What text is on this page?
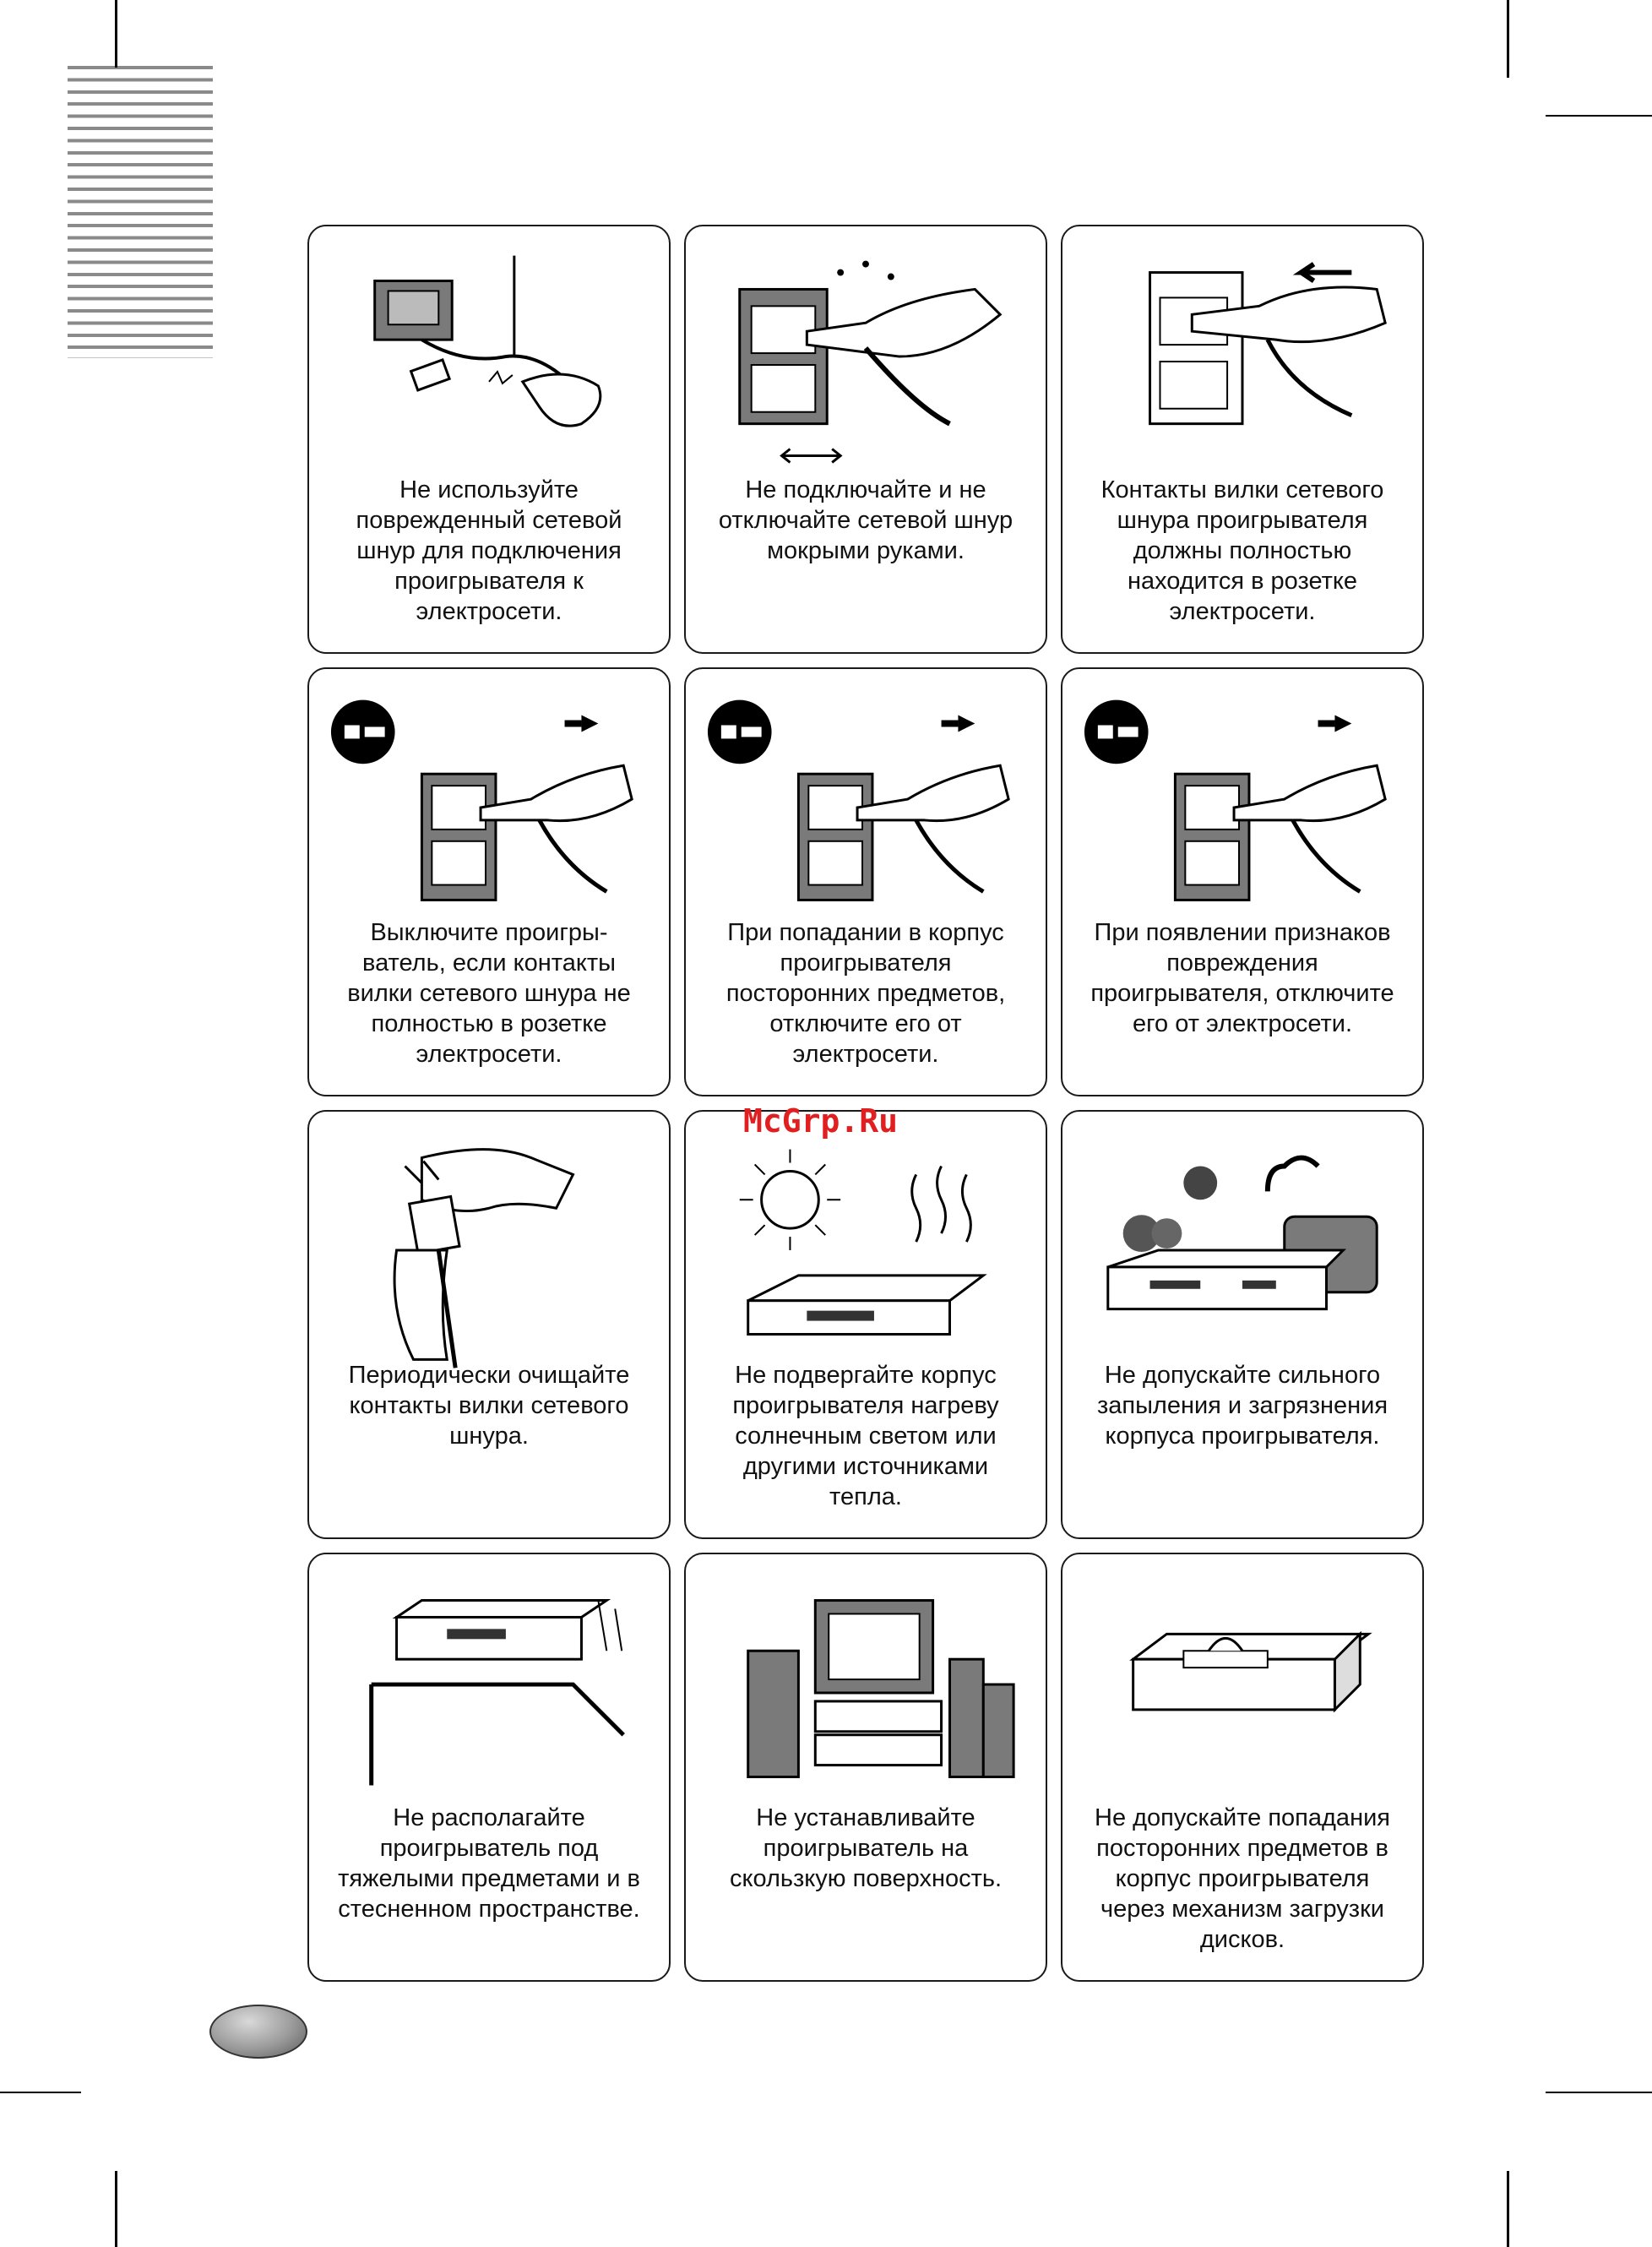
Не используйте
поврежденный сетевой
шнур для подключения
проигрывателя к
электросети.
Не подключайте и не
отключайте сетевой шнур
мокрыми руками.
Контакты вилки сетевого
шнура проигрывателя
должны полностью
находится в розетке
электросети.
Выключите проигры-
ватель, если контакты
вилки сетевого шнура не
полностью в розетке
электросети.
При попадании в корпус
проигрывателя
посторонних предметов,
отключите его от
электросети.
При появлении признаков
повреждения
проигрывателя, отключите
его от электросети.
Периодически очищайте
контакты вилки сетевого
шнура.
Не подвергайте корпус
проигрывателя нагреву
солнечным светом или
другими источниками
тепла.
Не допускайте сильного
запыления и загрязнения
корпуса проигрывателя.
Не располагайте
проигрыватель под
тяжелыми предметами и в
стесненном пространстве.
Не устанавливайте
проигрыватель на
скользкую поверхность.
Не допускайте попадания
посторонних предметов в
корпус проигрывателя
через механизм загрузки
дисков.
McGrp.Ru
